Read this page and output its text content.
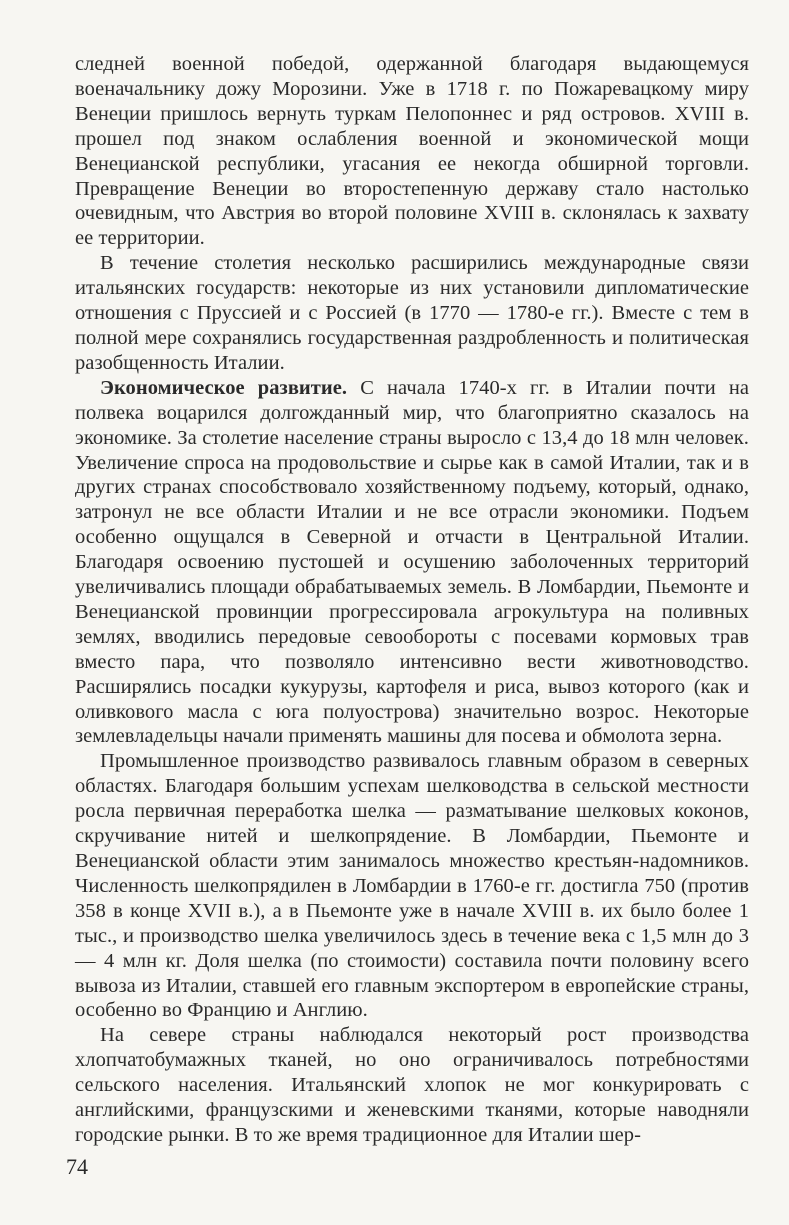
следней военной победой, одержанной благодаря выдающемуся военачальнику дожу Морозини. Уже в 1718 г. по Пожаревацкому миру Венеции пришлось вернуть туркам Пелопоннес и ряд островов. XVIII в. прошел под знаком ослабления военной и экономической мощи Венецианской республики, угасания ее некогда обширной торговли. Превращение Венеции во второстепенную державу стало настолько очевидным, что Австрия во второй половине XVIII в. склонялась к захвату ее территории.

В течение столетия несколько расширились международные связи итальянских государств: некоторые из них установили дипломатические отношения с Пруссией и с Россией (в 1770 — 1780-е гг.). Вместе с тем в полной мере сохранялись государственная раздробленность и политическая разобщенность Италии.

Экономическое развитие. С начала 1740-х гг. в Италии почти на полвека воцарился долгожданный мир, что благоприятно сказалось на экономике. За столетие население страны выросло с 13,4 до 18 млн человек. Увеличение спроса на продовольствие и сырье как в самой Италии, так и в других странах способствовало хозяйственному подъему, который, однако, затронул не все области Италии и не все отрасли экономики. Подъем особенно ощущался в Северной и отчасти в Центральной Италии. Благодаря освоению пустошей и осушению заболоченных территорий увеличивались площади обрабатываемых земель. В Ломбардии, Пьемонте и Венецианской провинции прогрессировала агрокультура на поливных землях, вводились передовые севообороты с посевами кормовых трав вместо пара, что позволяло интенсивно вести животноводство. Расширялись посадки кукурузы, картофеля и риса, вывоз которого (как и оливкового масла с юга полуострова) значительно возрос. Некоторые землевладельцы начали применять машины для посева и обмолота зерна.

Промышленное производство развивалось главным образом в северных областях. Благодаря большим успехам шелководства в сельской местности росла первичная переработка шелка — разматывание шелковых коконов, скручивание нитей и шелкопрядение. В Ломбардии, Пьемонте и Венецианской области этим занималось множество крестьян-надомников. Численность шелкопрядилен в Ломбардии в 1760-е гг. достигла 750 (против 358 в конце XVII в.), а в Пьемонте уже в начале XVIII в. их было более 1 тыс., и производство шелка увеличилось здесь в течение века с 1,5 млн до 3 — 4 млн кг. Доля шелка (по стоимости) составила почти половину всего вывоза из Италии, ставшей его главным экспортером в европейские страны, особенно во Францию и Англию.

На севере страны наблюдался некоторый рост производства хлопчатобумажных тканей, но оно ограничивалось потребностями сельского населения. Итальянский хлопок не мог конкурировать с английскими, французскими и женевскими тканями, которые наводняли городские рынки. В то же время традиционное для Италии шер-

74
